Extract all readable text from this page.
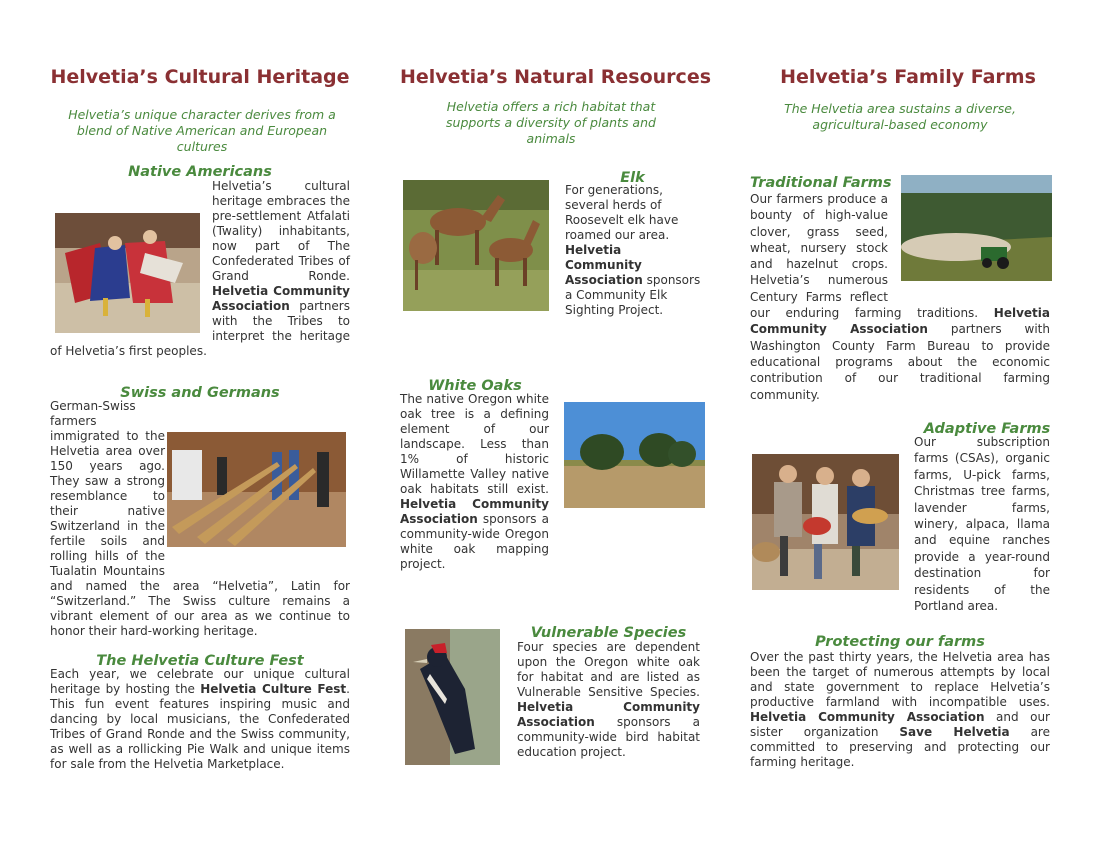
Helvetia’s Cultural Heritage
Helvetia’s unique character derives from a blend of Native American and European cultures
Native Americans
Helvetia’s cultural heritage embraces the pre-settlement Atfalati (Twality) inhabitants, now part of The Confederated Tribes of Grand Ronde. Helvetia Community Association partners with the Tribes to interpret the heritage of Helvetia’s first peoples.
Swiss and Germans
German-Swiss farmers immigrated to the Helvetia area over 150 years ago. They saw a strong resemblance to their native Switzerland in the fertile soils and rolling hills of the Tualatin Mountains and named the area “Helvetia”, Latin for “Switzerland.” The Swiss culture remains a vibrant element of our area as we continue to honor their hard-working heritage.
The Helvetia Culture Fest
Each year, we celebrate our unique cultural heritage by hosting the Helvetia Culture Fest. This fun event features inspiring music and dancing by local musicians, the Confederated Tribes of Grand Ronde and the Swiss community, as well as a rollicking Pie Walk and unique items for sale from the Helvetia Marketplace.
Helvetia’s Natural Resources
Helvetia offers a rich habitat that supports a diversity of plants and animals
Elk
For generations, several herds of Roosevelt elk have roamed our area. Helvetia Community Association sponsors a Community Elk Sighting Project.
White Oaks
The native Oregon white oak tree is a defining element of our landscape. Less than 1% of historic Willamette Valley native oak habitats still exist. Helvetia Community Association sponsors a community-wide Oregon white oak mapping project.
Vulnerable Species
Four species are dependent upon the Oregon white oak for habitat and are listed as Vulnerable Sensitive Species. Helvetia Community Association sponsors a community-wide bird habitat education project.
Helvetia’s Family Farms
The Helvetia area sustains a diverse, agricultural-based economy
Traditional Farms
Our farmers produce a bounty of high-value clover, grass seed, wheat, nursery stock and hazelnut crops. Helvetia’s numerous Century Farms reflect our enduring farming traditions. Helvetia Community Association partners with Washington County Farm Bureau to provide educational programs about the economic contribution of our traditional farming community.
Adaptive Farms
Our subscription farms (CSAs), organic farms, U-pick farms, Christmas tree farms, lavender farms, winery, alpaca, llama and equine ranches provide a year-round destination for residents of the Portland area.
Protecting our farms
Over the past thirty years, the Helvetia area has been the target of numerous attempts by local and state government to replace Helvetia’s productive farmland with incompatible uses. Helvetia Community Association and our sister organization Save Helvetia are committed to preserving and protecting our farming heritage.
